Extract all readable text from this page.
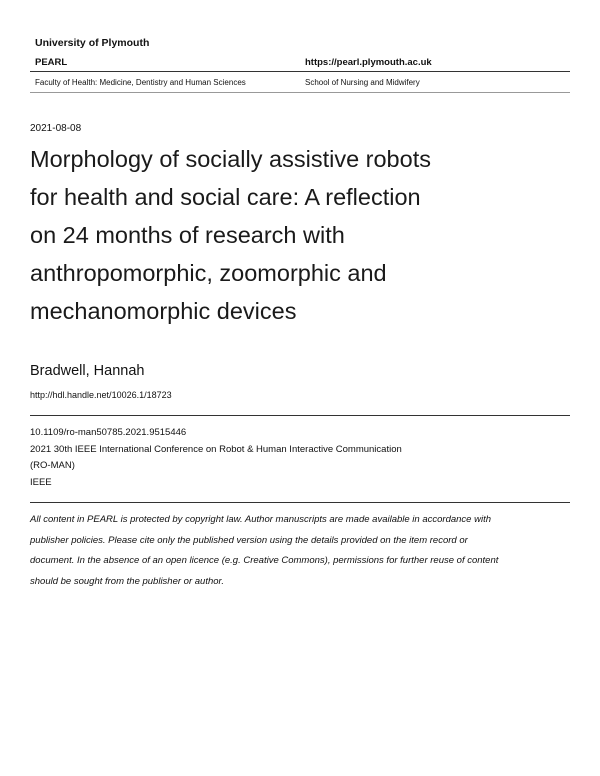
University of Plymouth
PEARL	https://pearl.plymouth.ac.uk
Faculty of Health: Medicine, Dentistry and Human Sciences	School of Nursing and Midwifery
2021-08-08
Morphology of socially assistive robots
for health and social care: A reflection
on 24 months of research with
anthropomorphic, zoomorphic and
mechanomorphic devices
Bradwell, Hannah
http://hdl.handle.net/10026.1/18723
10.1109/ro-man50785.2021.9515446
2021 30th IEEE International Conference on Robot & Human Interactive Communication
(RO-MAN)
IEEE
All content in PEARL is protected by copyright law. Author manuscripts are made available in accordance with
publisher policies. Please cite only the published version using the details provided on the item record or
document. In the absence of an open licence (e.g. Creative Commons), permissions for further reuse of content
should be sought from the publisher or author.
